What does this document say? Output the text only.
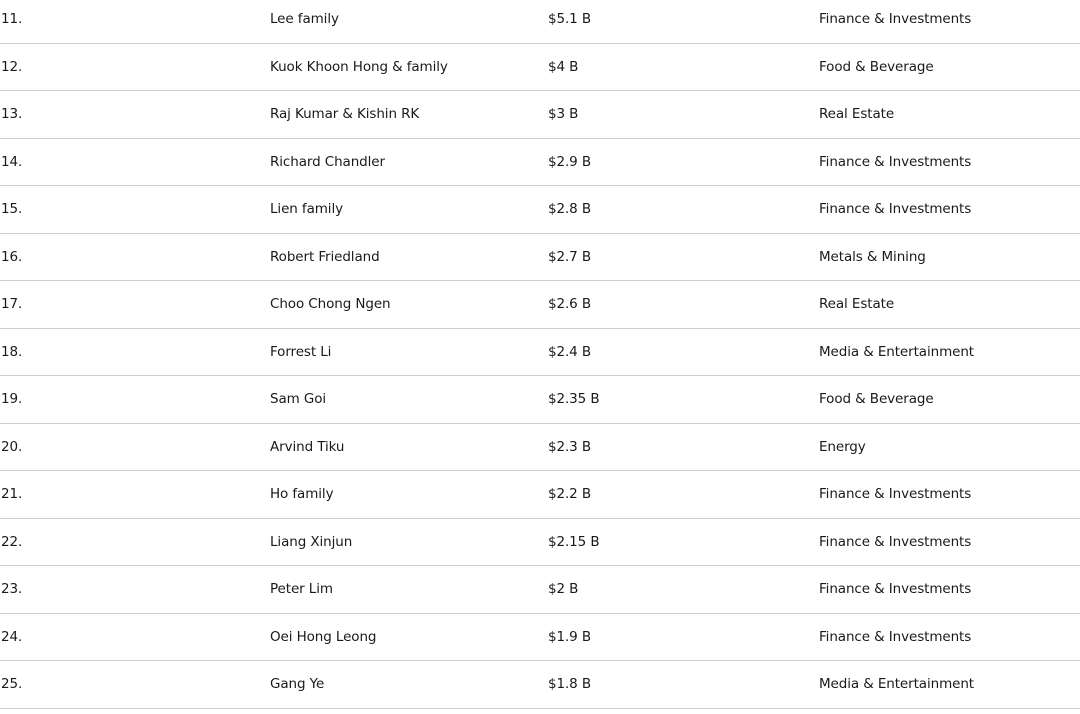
11.	Lee family	$5.1 B	Finance & Investments
12.	Kuok Khoon Hong & family	$4 B	Food & Beverage
13.	Raj Kumar & Kishin RK	$3 B	Real Estate
14.	Richard Chandler	$2.9 B	Finance & Investments
15.	Lien family	$2.8 B	Finance & Investments
16.	Robert Friedland	$2.7 B	Metals & Mining
17.	Choo Chong Ngen	$2.6 B	Real Estate
18.	Forrest Li	$2.4 B	Media & Entertainment
19.	Sam Goi	$2.35 B	Food & Beverage
20.	Arvind Tiku	$2.3 B	Energy
21.	Ho family	$2.2 B	Finance & Investments
22.	Liang Xinjun	$2.15 B	Finance & Investments
23.	Peter Lim	$2 B	Finance & Investments
24.	Oei Hong Leong	$1.9 B	Finance & Investments
25.	Gang Ye	$1.8 B	Media & Entertainment
